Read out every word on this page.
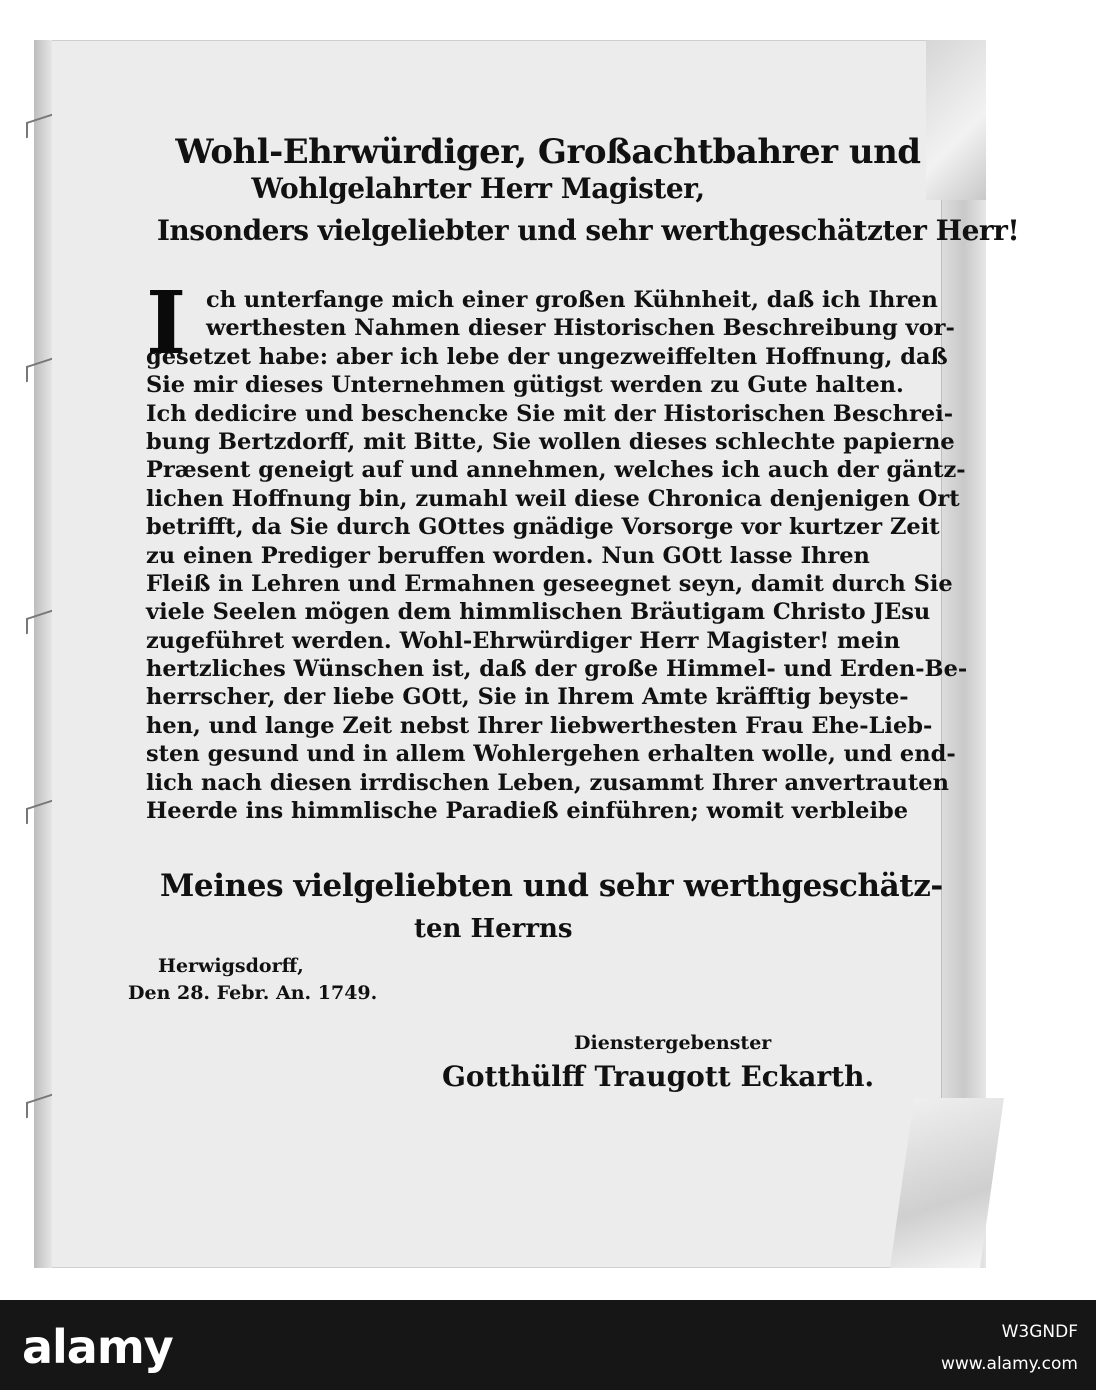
Wohl-Ehrwürdiger, Großachtbahrer und
Wohlgelahrter Herr Magister,
Insonders vielgeliebter und sehr werthgeschätzter Herr!
I ch unterfange mich einer großen Kühnheit, daß ich Ihren
werthesten Nahmen dieser Historischen Beschreibung vor-
gesetzet habe: aber ich lebe der ungezweiffelten Hoffnung, daß
Sie mir dieses Unternehmen gütigst werden zu Gute halten.
Ich dedicire und beschencke Sie mit der Historischen Beschrei-
bung Bertzdorff, mit Bitte, Sie wollen dieses schlechte papierne
Præsent geneigt auf und annehmen, welches ich auch der gäntz-
lichen Hoffnung bin, zumahl weil diese Chronica denjenigen Ort
betrifft, da Sie durch GOttes gnädige Vorsorge vor kurtzer Zeit
zu einen Prediger beruffen worden. Nun GOtt lasse Ihren
Fleiß in Lehren und Ermahnen geseegnet seyn, damit durch Sie
viele Seelen mögen dem himmlischen Bräutigam Christo JEsu
zugeführet werden. Wohl-Ehrwürdiger Herr Magister! mein
hertzliches Wünschen ist, daß der große Himmel- und Erden-Be-
herrscher, der liebe GOtt, Sie in Ihrem Amte kräfftig beyste-
hen, und lange Zeit nebst Ihrer liebwerthesten Frau Ehe-Lieb-
sten gesund und in allem Wohlergehen erhalten wolle, und end-
lich nach diesen irrdischen Leben, zusammt Ihrer anvertrauten
Heerde ins himmlische Paradieß einführen; womit verbleibe
Meines vielgeliebten und sehr werthgeschätz-
ten Herrns
Herwigsdorff,
Den 28. Febr. An. 1749.
Dienstergebenster
Gotthülff Traugott Eckarth.
alamy	W3GNDF
www.alamy.com
